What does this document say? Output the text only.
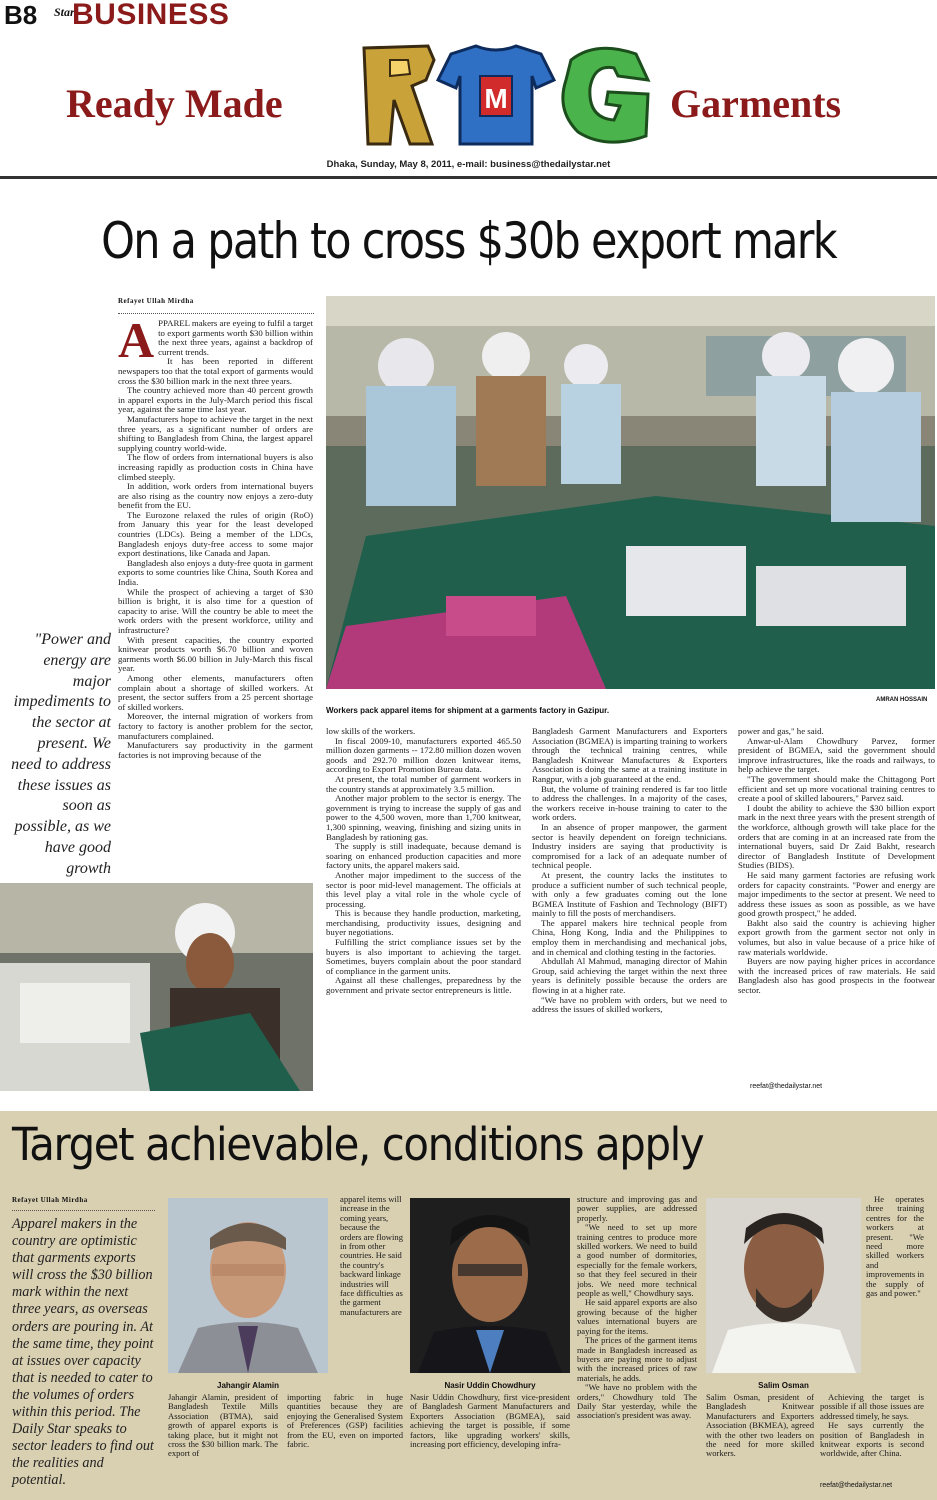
B8 Star
BUSINESS
Ready Made	Garments
M
Dhaka, Sunday, May 8, 2011, e-mail: business@thedailystar.net
On a path to cross $30b export mark
Refayet Ullah Mirdha
A PPAREL makers are eyeing to fulfil a target to export garments worth $30 billion within the next three years, against a backdrop of current trends.

It has been reported in different newspapers too that the total export of garments would cross the $30 billion mark in the next three years.

The country achieved more than 40 percent growth in apparel exports in the July-March period this fiscal year, against the same time last year.

Manufacturers hope to achieve the target in the next three years, as a significant number of orders are shifting to Bangladesh from China, the largest apparel supplying country world-wide.

The flow of orders from international buyers is also increasing rapidly as production costs in China have climbed steeply.

In addition, work orders from international buyers are also rising as the country now enjoys a zero-duty benefit from the EU.

The Eurozone relaxed the rules of origin (RoO) from January this year for the least developed countries (LDCs). Being a member of the LDCs, Bangladesh enjoys duty-free access to some major export destinations, like Canada and Japan.

Bangladesh also enjoys a duty-free quota in garment exports to some countries like China, South Korea and India.

While the prospect of achieving a target of $30 billion is bright, it is also time for a question of capacity to arise. Will the country be able to meet the work orders with the present workforce, utility and infrastructure?

With present capacities, the country exported knitwear products worth $6.70 billion and woven garments worth $6.00 billion in July-March this fiscal year.

Among other elements, manufacturers often complain about a shortage of skilled workers. At present, the sector suffers from a 25 percent shortage of skilled workers.

Moreover, the internal migration of workers from factory to factory is another problem for the sector, manufacturers complained.

Manufacturers say productivity in the garment factories is not improving because of the

"Power and energy are major impediments to the sector at present. We need to address these issues as soon as possible, as we have good growth
AMRAN HOSSAIN
Workers pack apparel items for shipment at a garments factory in Gazipur.

low skills of the workers.

In fiscal 2009-10, manufacturers exported 465.50 million dozen garments -- 172.80 million dozen woven goods and 292.70 million dozen knitwear items, according to Export Promotion Bureau data.

At present, the total number of garment workers in the country stands at approximately 3.5 million.

Another major problem to the sector is energy. The government is trying to increase the supply of gas and power to the 4,500 woven, more than 1,700 knitwear, 1,300 spinning, weaving, finishing and sizing units in Bangladesh by rationing gas.

The supply is still inadequate, because demand is soaring on enhanced production capacities and more factory units, the apparel makers said.

Another major impediment to the success of the sector is poor mid-level management. The officials at this level play a vital role in the whole cycle of processing.

This is because they handle production, marketing, merchandising, productivity issues, designing and buyer negotiations.

Fulfilling the strict compliance issues set by the buyers is also important to achieving the target. Sometimes, buyers complain about the poor standard of compliance in the garment units.

Against all these challenges, preparedness by the government and private sector entrepreneurs is little.

Bangladesh Garment Manufacturers and Exporters Association (BGMEA) is imparting training to workers through the technical training centres, while Bangladesh Knitwear Manufactures & Exporters Association is doing the same at a training institute in Rangpur, with a job guaranteed at the end.

But, the volume of training rendered is far too little to address the challenges. In a majority of the cases, the workers receive in-house training to cater to the work orders.

In an absence of proper manpower, the garment sector is heavily dependent on foreign technicians. Industry insiders are saying that productivity is compromised for a lack of an adequate number of technical people.

At present, the country lacks the institutes to produce a sufficient number of such technical people, with only a few graduates coming out the lone BGMEA Institute of Fashion and Technology (BIFT) mainly to fill the posts of merchandisers.

The apparel makers hire technical people from China, Hong Kong, India and the Philippines to employ them in merchandising and mechanical jobs, and in chemical and clothing testing in the factories.

Abdullah Al Mahmud, managing director of Mahin Group, said achieving the target within the next three years is definitely possible because the orders are flowing in at a higher rate.

"We have no problem with orders, but we need to address the issues of skilled workers,

power and gas," he said.

Anwar-ul-Alam Chowdhury Parvez, former president of BGMEA, said the government should improve infrastructures, like the roads and railways, to help achieve the target.

"The government should make the Chittagong Port efficient and set up more vocational training centres to create a pool of skilled labourers," Parvez said.

I doubt the ability to achieve the $30 billion export mark in the next three years with the present strength of the workforce, although growth will take place for the orders that are coming in at an increased rate from the international buyers, said Dr Zaid Bakht, research director of Bangladesh Institute of Development Studies (BIDS).

He said many garment factories are refusing work orders for capacity constraints. "Power and energy are major impediments to the sector at present. We need to address these issues as soon as possible, as we have good growth prospect," he added.

Bakht also said the country is achieving higher export growth from the garment sector not only in volumes, but also in value because of a price hike of raw materials worldwide.

Buyers are now paying higher prices in accordance with the increased prices of raw materials. He said Bangladesh also has good prospects in the footwear sector.

reefat@thedailystar.net
Target achievable, conditions apply
Refayet Ullah Mirdha
Apparel makers in the country are optimistic that garments exports will cross the $30 billion mark within the next three years, as overseas orders are pouring in. At the same time, they point at issues over capacity that is needed to cater to the volumes of orders within this period. The Daily Star speaks to sector leaders to find out the realities and potential.
Jahangir Alamin	Nasir Uddin Chowdhury	Salim Osman

apparel items will increase in the coming years, because the orders are flowing in from other countries. He said the country's backward linkage industries will face difficulties as the garment manufacturers are

Jahangir Alamin, president of Bangladesh Textile Mills Association (BTMA), said growth of apparel exports is taking place, but it might not cross the $30 billion mark. The export of

importing fabric in huge quantities because they are enjoying the Generalised System of Preferences (GSP) facilities from the EU, even on imported fabric.

Nasir Uddin Chowdhury, first vice-president of Bangladesh Garment Manufacturers and Exporters Association (BGMEA), said achieving the target is possible, if some factors, like upgrading workers' skills, increasing port efficiency, developing infra-

structure and improving gas and power supplies, are addressed properly.

"We need to set up more training centres to produce more skilled workers. We need to build a good number of dormitories, especially for the female workers, so that they feel secured in their jobs. We need more technical people as well," Chowdhury says.

He said apparel exports are also growing because of the higher values international buyers are paying for the items.

The prices of the garment items made in Bangladesh increased as buyers are paying more to adjust with the increased prices of raw materials, he adds.

"We have no problem with the orders," Chowdhury told The Daily Star yesterday, while the association's president was away.

He operates three training centres for the workers at present. "We need more skilled workers and improvements in the supply of gas and power."

Salim Osman, president of Bangladesh Knitwear Manufacturers and Exporters Association (BKMEA), agreed with the other two leaders on the need for more skilled workers.

Achieving the target is possible if all those issues are addressed timely, he says.

He says currently the position of Bangladesh in knitwear exports is second worldwide, after China.

reefat@thedailystar.net
